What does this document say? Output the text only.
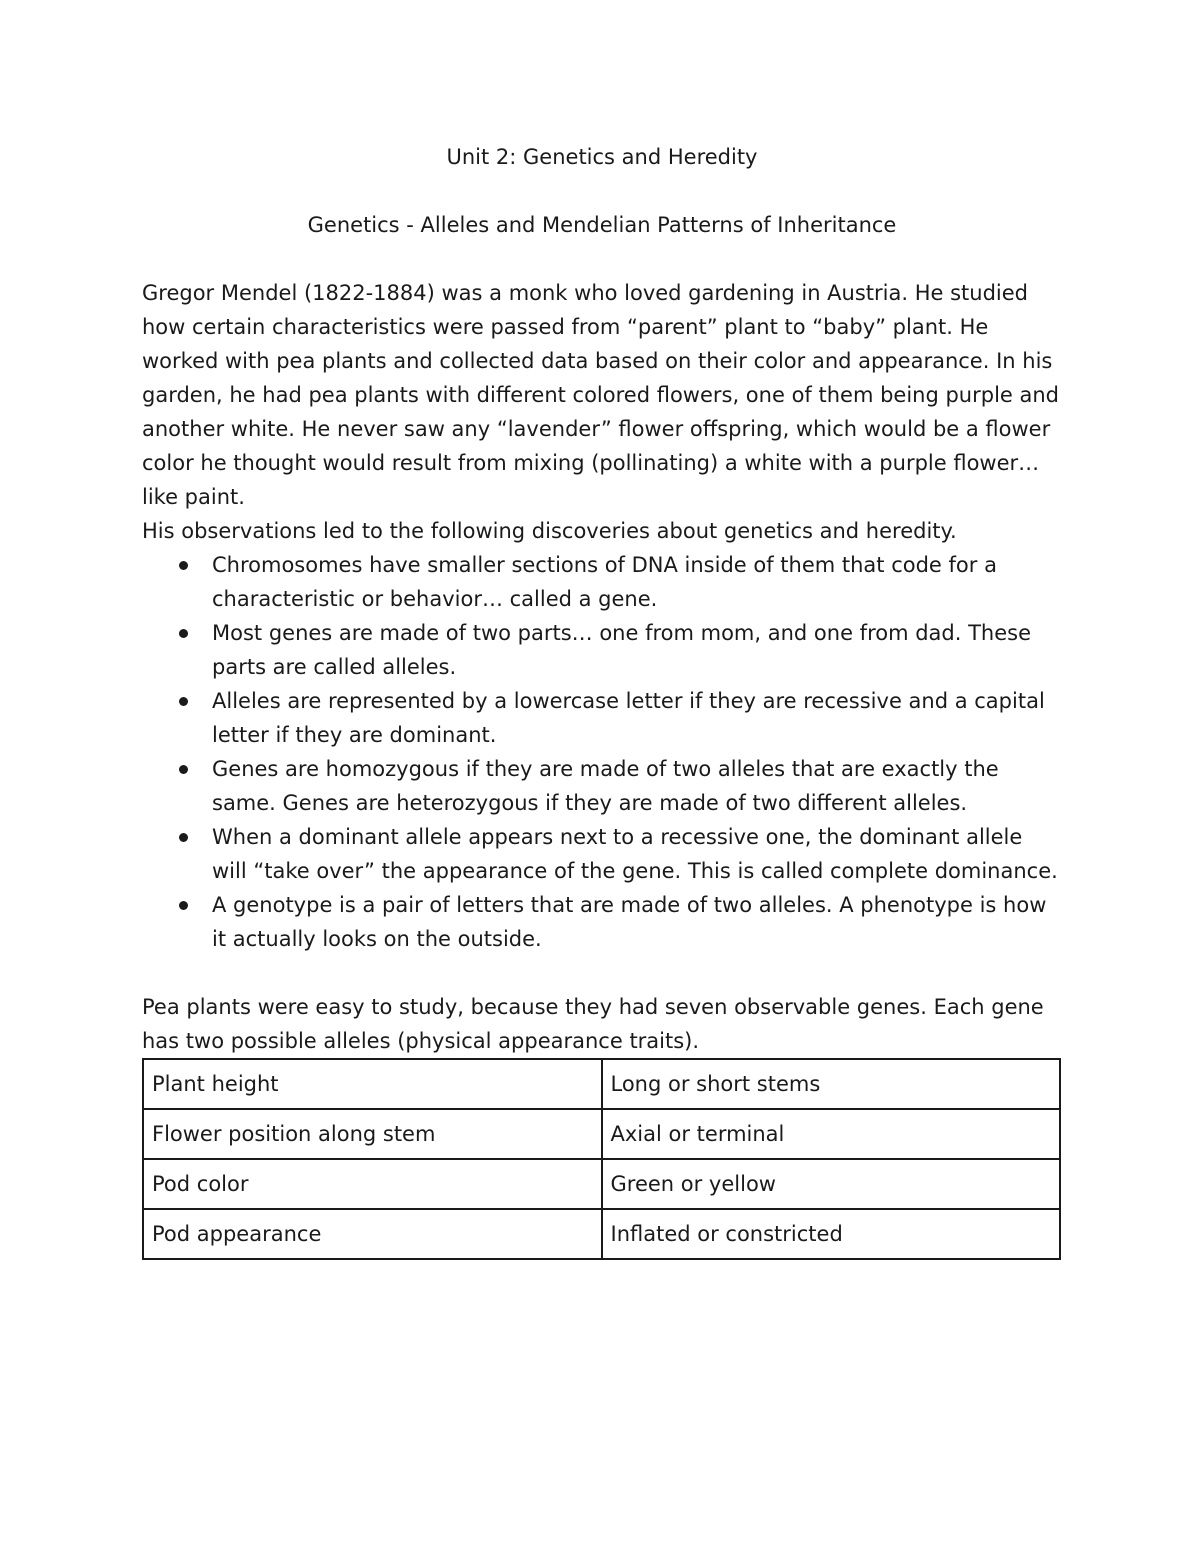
Unit 2: Genetics and Heredity

Genetics - Alleles and Mendelian Patterns of Inheritance

Gregor Mendel (1822-1884) was a monk who loved gardening in Austria. He studied how certain characteristics were passed from “parent” plant to “baby” plant. He worked with pea plants and collected data based on their color and appearance. In his garden, he had pea plants with different colored flowers, one of them being purple and another white. He never saw any “lavender” flower offspring, which would be a flower color he thought would result from mixing (pollinating) a white with a purple flower… like paint.

His observations led to the following discoveries about genetics and heredity.

Chromosomes have smaller sections of DNA inside of them that code for a characteristic or behavior… called a gene.
Most genes are made of two parts… one from mom, and one from dad. These parts are called alleles.
Alleles are represented by a lowercase letter if they are recessive and a capital letter if they are dominant.
Genes are homozygous if they are made of two alleles that are exactly the same. Genes are heterozygous if they are made of two different alleles.
When a dominant allele appears next to a recessive one, the dominant allele will “take over” the appearance of the gene. This is called complete dominance.
A genotype is a pair of letters that are made of two alleles. A phenotype is how it actually looks on the outside.

Pea plants were easy to study, because they had seven observable genes. Each gene has two possible alleles (physical appearance traits).

Plant height	Long or short stems
Flower position along stem	Axial or terminal
Pod color	Green or yellow
Pod appearance	Inflated or constricted
